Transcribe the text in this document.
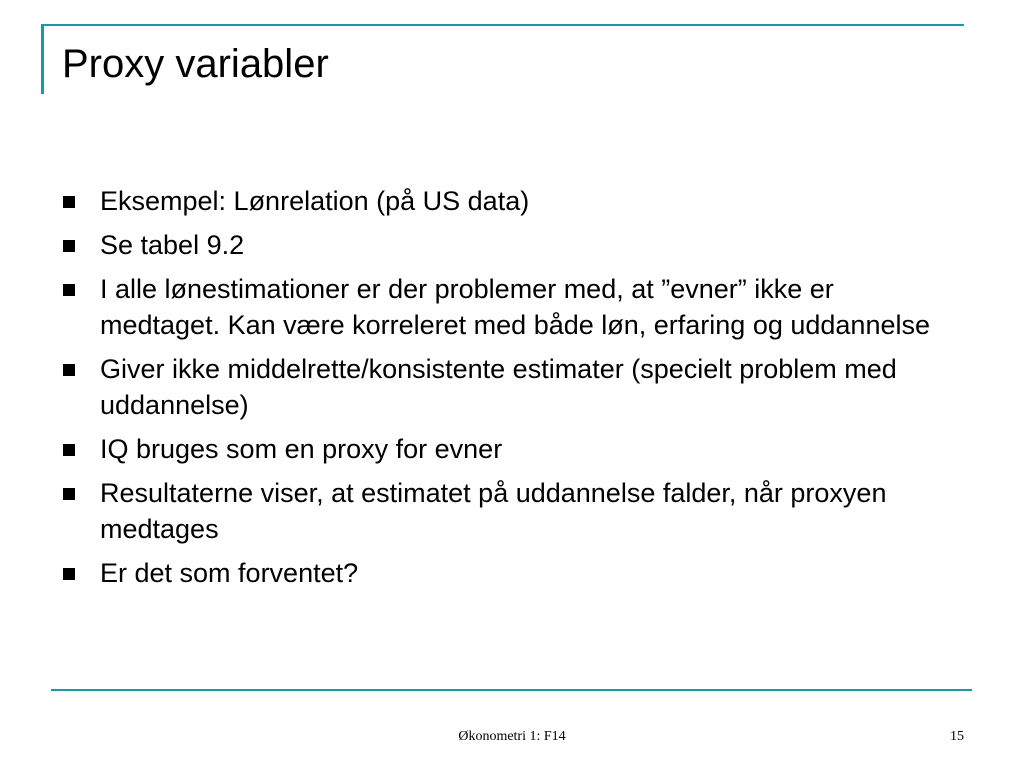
Proxy variabler
Eksempel: Lønrelation (på US data)
Se tabel 9.2
I alle lønestimationer er der problemer med, at ”evner” ikke er medtaget. Kan være korreleret med både løn, erfaring og uddannelse
Giver ikke middelrette/konsistente estimater (specielt problem med uddannelse)
IQ bruges som en proxy for evner
Resultaterne viser, at estimatet på uddannelse falder, når proxyen medtages
Er det som forventet?
Økonometri 1: F14	15
